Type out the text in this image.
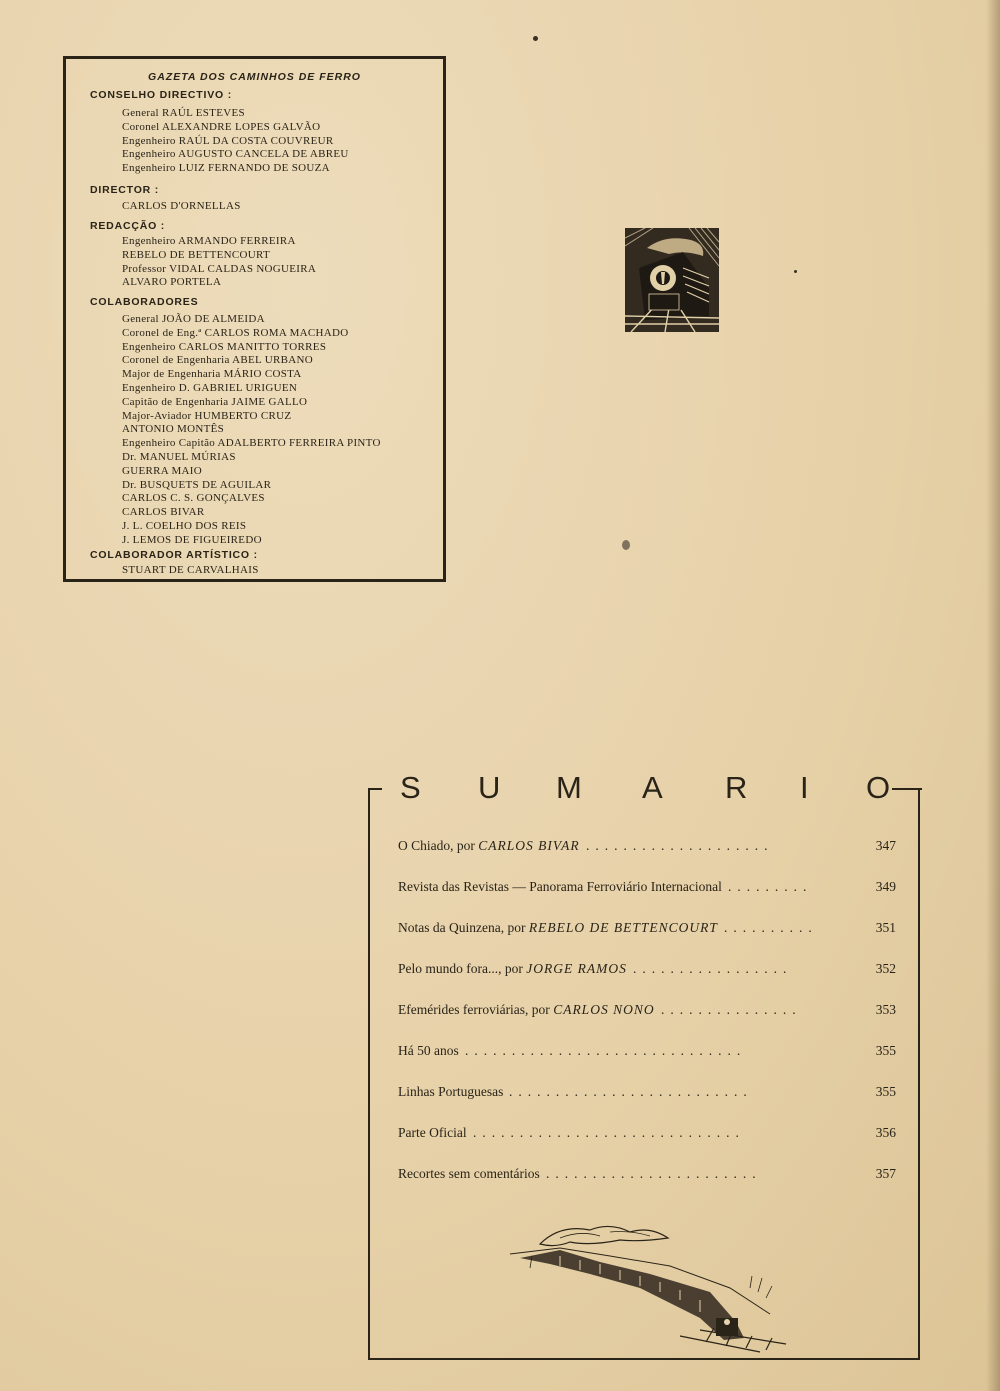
GAZETA DOS CAMINHOS DE FERRO
CONSELHO DIRECTIVO :
General RAÚL ESTEVES
Coronel ALEXANDRE LOPES GALVÃO
Engenheiro RAÚL DA COSTA COUVREUR
Engenheiro AUGUSTO CANCELA DE ABREU
Engenheiro LUIZ FERNANDO DE SOUZA
DIRECTOR :
CARLOS D'ORNELLAS
REDACÇÃO :
Engenheiro ARMANDO FERREIRA
REBELO DE BETTENCOURT
Professor VIDAL CALDAS NOGUEIRA
ALVARO PORTELA
COLABORADORES
General JOÃO DE ALMEIDA
Coronel de Eng.ª CARLOS ROMA MACHADO
Engenheiro CARLOS MANITTO TORRES
Coronel de Engenharia ABEL URBANO
Major de Engenharia MÁRIO COSTA
Engenheiro D. GABRIEL URIGUEN
Capitão de Engenharia JAIME GALLO
Major-Aviador HUMBERTO CRUZ
ANTONIO MONTÊS
Engenheiro Capitão ADALBERTO FERREIRA PINTO
Dr. MANUEL MÚRIAS
GUERRA MAIO
Dr. BUSQUETS DE AGUILAR
CARLOS C. S. GONÇALVES
CARLOS BIVAR
J. L. COELHO DOS REIS
J. LEMOS DE FIGUEIREDO
COLABORADOR ARTÍSTICO :
STUART DE CARVALHAIS
S U M A R I O
O Chiado, por CARLOS BIVAR ....................	347
Revista das Revistas — Panorama Ferroviário Internacional .........	349
Notas da Quinzena, por REBELO DE BETTENCOURT ..........	351
Pelo mundo fora..., por JORGE RAMOS .................	352
Efemérides ferroviárias, por CARLOS NONO ...............	353
Há 50 anos ..............................	355
Linhas Portuguesas ..........................	355
Parte Oficial .............................	356
Recortes sem comentários .......................	357
